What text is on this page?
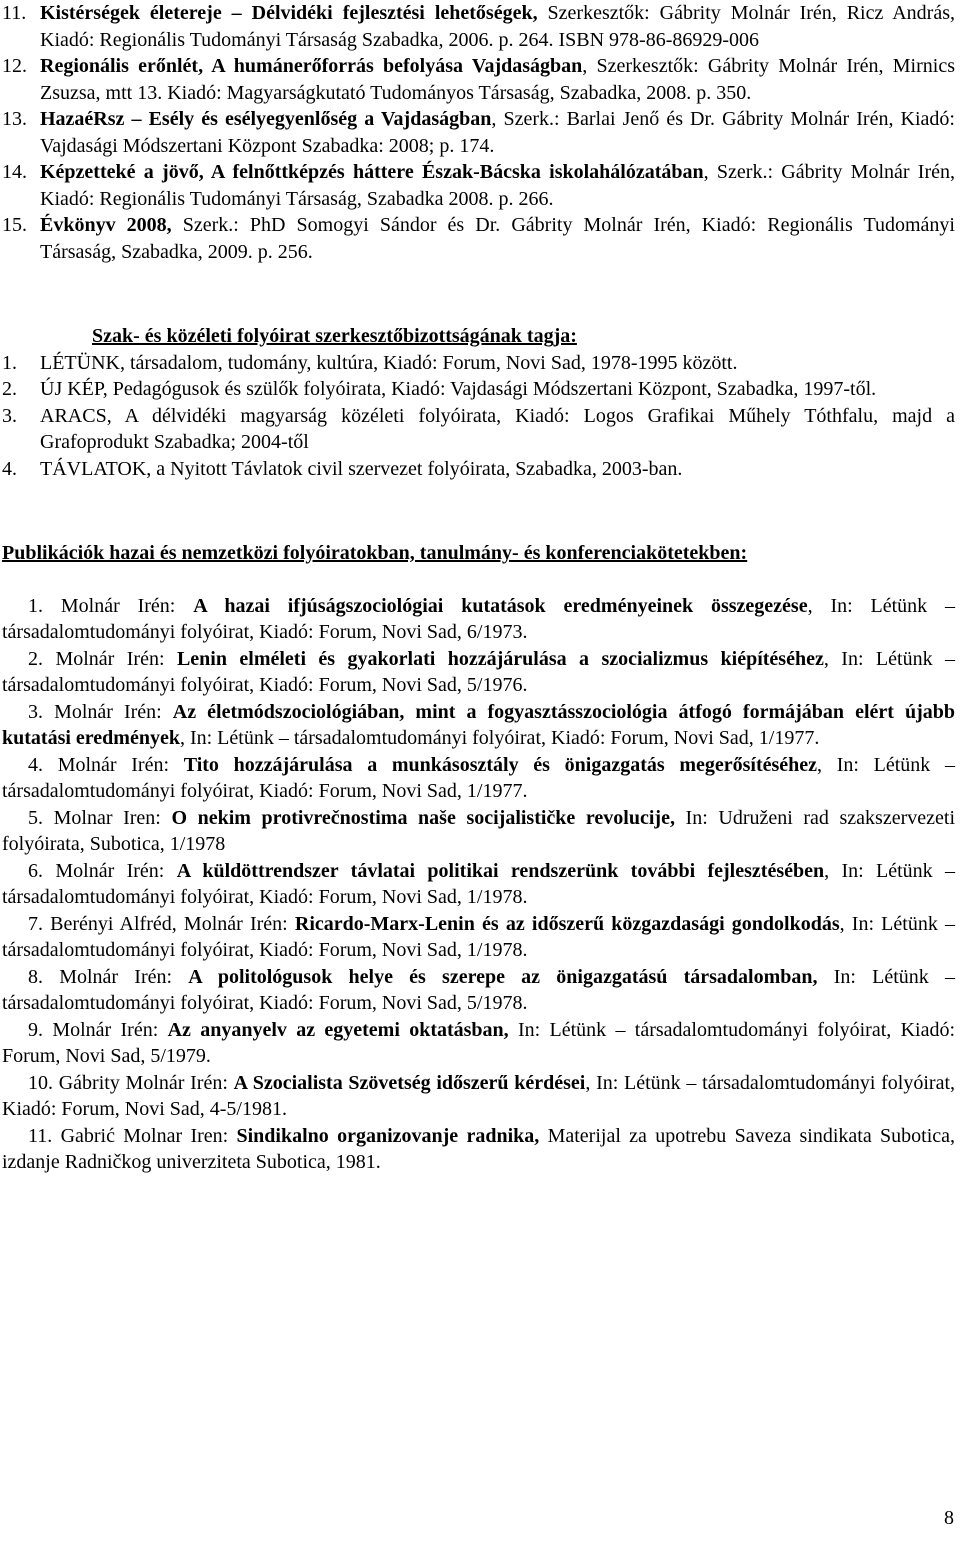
11. Kistérségek életereje – Délvidéki fejlesztési lehetőségek, Szerkesztők: Gábrity Molnár Irén, Ricz András, Kiadó: Regionális Tudományi Társaság Szabadka, 2006. p. 264. ISBN 978-86-86929-006

12. Regionális erőnlét, A humánerőforrás befolyása Vajdaságban, Szerkesztők: Gábrity Molnár Irén, Mirnics Zsuzsa, mtt 13. Kiadó: Magyarságkutató Tudományos Társaság, Szabadka, 2008. p. 350.

13. HazaéRsz – Esély és esélyegyenlőség a Vajdaságban, Szerk.: Barlai Jenő és Dr. Gábrity Molnár Irén, Kiadó: Vajdasági Módszertani Központ Szabadka: 2008; p. 174.

14. Képzetteké a jövő, A felnőttképzés háttere Észak-Bácska iskolahálózatában, Szerk.: Gábrity Molnár Irén, Kiadó: Regionális Tudományi Társaság, Szabadka 2008. p. 266.

15. Évkönyv 2008, Szerk.: PhD Somogyi Sándor és Dr. Gábrity Molnár Irén, Kiadó: Regionális Tudományi Társaság, Szabadka, 2009. p. 256.

Szak- és közéleti folyóirat szerkesztőbizottságának tagja:

1. LÉTÜNK, társadalom, tudomány, kultúra, Kiadó: Forum, Novi Sad, 1978-1995 között.

2. ÚJ KÉP, Pedagógusok és szülők folyóirata, Kiadó: Vajdasági Módszertani Központ, Szabadka, 1997-től.

3. ARACS, A délvidéki magyarság közéleti folyóirata, Kiadó: Logos Grafikai Műhely Tóthfalu, majd a Grafoprodukt Szabadka; 2004-től

4. TÁVLATOK, a Nyitott Távlatok civil szervezet folyóirata, Szabadka, 2003-ban.

Publikációk hazai és nemzetközi folyóiratokban, tanulmány- és konferenciakötetekben:

1. Molnár Irén: A hazai ifjúságszociológiai kutatások eredményeinek összegezése, In: Létünk – társadalomtudományi folyóirat, Kiadó: Forum, Novi Sad, 6/1973.

2. Molnár Irén: Lenin elméleti és gyakorlati hozzájárulása a szocializmus kiépítéséhez, In: Létünk – társadalomtudományi folyóirat, Kiadó: Forum, Novi Sad, 5/1976.

3. Molnár Irén: Az életmódszociológiában, mint a fogyasztásszociológia átfogó formájában elért újabb kutatási eredmények, In: Létünk – társadalomtudományi folyóirat, Kiadó: Forum, Novi Sad, 1/1977.

4. Molnár Irén: Tito hozzájárulása a munkásosztály és önigazgatás megerősítéséhez, In: Létünk – társadalomtudományi folyóirat, Kiadó: Forum, Novi Sad, 1/1977.

5. Molnar Iren: O nekim protivrečnostima naše socijalističke revolucije, In: Udruženi rad szakszervezeti folyóirata, Subotica, 1/1978

6. Molnár Irén: A küldöttrendszer távlatai politikai rendszerünk további fejlesztésében, In: Létünk – társadalomtudományi folyóirat, Kiadó: Forum, Novi Sad, 1/1978.

7. Berényi Alfréd, Molnár Irén: Ricardo-Marx-Lenin és az időszerű közgazdasági gondolkodás, In: Létünk – társadalomtudományi folyóirat, Kiadó: Forum, Novi Sad, 1/1978.

8. Molnár Irén: A politológusok helye és szerepe az önigazgatású társadalomban, In: Létünk – társadalomtudományi folyóirat, Kiadó: Forum, Novi Sad, 5/1978.

9. Molnár Irén: Az anyanyelv az egyetemi oktatásban, In: Létünk – társadalomtudományi folyóirat, Kiadó: Forum, Novi Sad, 5/1979.

10. Gábrity Molnár Irén: A Szocialista Szövetség időszerű kérdései, In: Létünk – társadalomtudományi folyóirat, Kiadó: Forum, Novi Sad, 4-5/1981.

11. Gabrić Molnar Iren: Sindikalno organizovanje radnika, Materijal za upotrebu Saveza sindikata Subotica, izdanje Radničkog univerziteta Subotica, 1981.

8
